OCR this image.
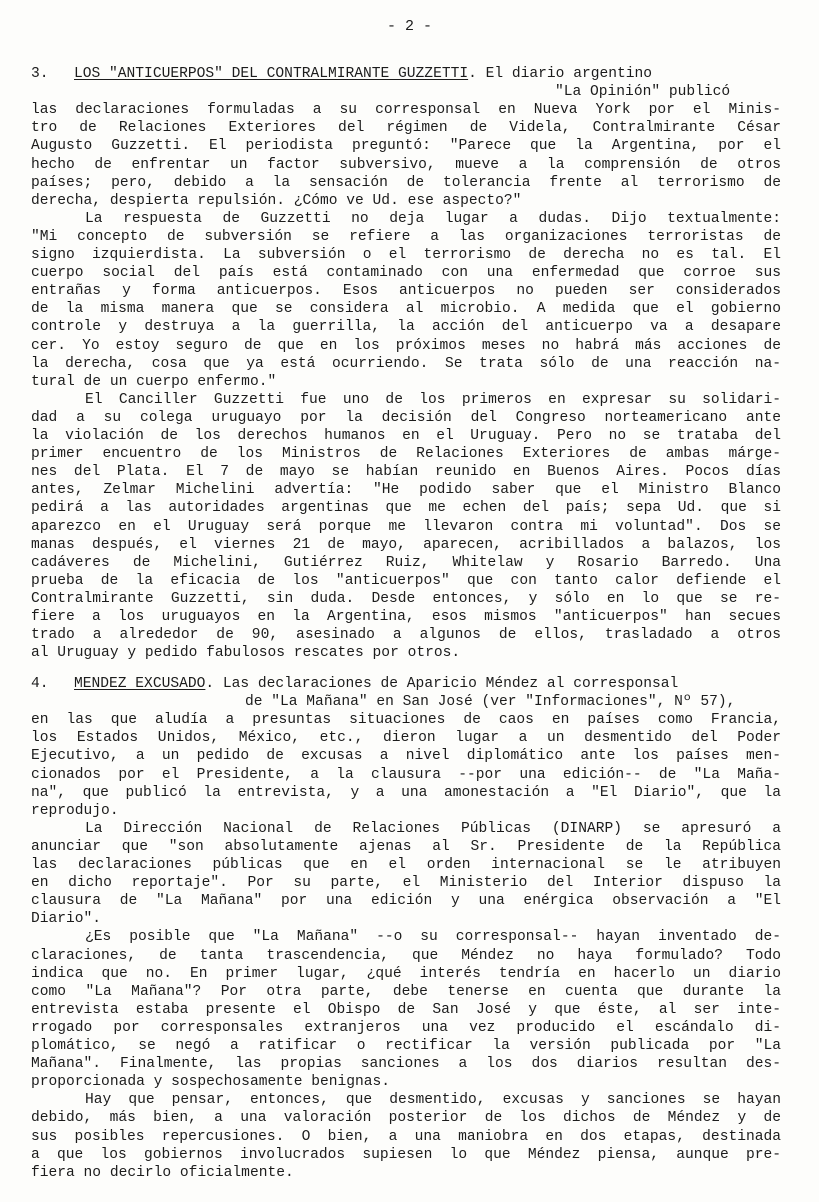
- 2 -
3. LOS "ANTICUERPOS" DEL CONTRALMIRANTE GUZZETTI. El diario argentino
"La Opinión" publicó
las declaraciones formuladas a su corresponsal en Nueva York por el Minis-
tro de Relaciones Exteriores del régimen de Videla, Contralmirante César
Augusto Guzzetti. El periodista preguntó: "Parece que la Argentina, por el
hecho de enfrentar un factor subversivo, mueve a la comprensión de otros
países; pero, debido a la sensación de tolerancia frente al terrorismo de
derecha, despierta repulsión. ¿Cómo ve Ud. ese aspecto?"
La respuesta de Guzzetti no deja lugar a dudas. Dijo textualmente:
"Mi concepto de subversión se refiere a las organizaciones terroristas de
signo izquierdista. La subversión o el terrorismo de derecha no es tal. El
cuerpo social del país está contaminado con una enfermedad que corroe sus
entrañas y forma anticuerpos. Esos anticuerpos no pueden ser considerados
de la misma manera que se considera al microbio. A medida que el gobierno
controle y destruya a la guerrilla, la acción del anticuerpo va a desapare
cer. Yo estoy seguro de que en los próximos meses no habrá más acciones de
la derecha, cosa que ya está ocurriendo. Se trata sólo de una reacción na-
tural de un cuerpo enfermo."
El Canciller Guzzetti fue uno de los primeros en expresar su solidari-
dad a su colega uruguayo por la decisión del Congreso norteamericano ante
la violación de los derechos humanos en el Uruguay. Pero no se trataba del
primer encuentro de los Ministros de Relaciones Exteriores de ambas márge-
nes del Plata. El 7 de mayo se habían reunido en Buenos Aires. Pocos días
antes, Zelmar Michelini advertía: "He podido saber que el Ministro Blanco
pedirá a las autoridades argentinas que me echen del país; sepa Ud. que si
aparezco en el Uruguay será porque me llevaron contra mi voluntad". Dos se
manas después, el viernes 21 de mayo, aparecen, acribillados a balazos, los
cadáveres de Michelini, Gutiérrez Ruiz, Whitelaw y Rosario Barredo. Una
prueba de la eficacia de los "anticuerpos" que con tanto calor defiende el
Contralmirante Guzzetti, sin duda. Desde entonces, y sólo en lo que se re-
fiere a los uruguayos en la Argentina, esos mismos "anticuerpos" han secues
trado a alrededor de 90, asesinado a algunos de ellos, trasladado a otros
al Uruguay y pedido fabulosos rescates por otros.
4. MENDEZ EXCUSADO. Las declaraciones de Aparicio Méndez al corresponsal
de "La Mañana" en San José (ver "Informaciones", Nº 57),
en las que aludía a presuntas situaciones de caos en países como Francia,
los Estados Unidos, México, etc., dieron lugar a un desmentido del Poder
Ejecutivo, a un pedido de excusas a nivel diplomático ante los países men-
cionados por el Presidente, a la clausura --por una edición-- de "La Maña-
na", que publicó la entrevista, y a una amonestación a "El Diario", que la
reprodujo.
La Dirección Nacional de Relaciones Públicas (DINARP) se apresuró a
anunciar que "son absolutamente ajenas al Sr. Presidente de la República
las declaraciones públicas que en el orden internacional se le atribuyen
en dicho reportaje". Por su parte, el Ministerio del Interior dispuso la
clausura de "La Mañana" por una edición y una enérgica observación a "El
Diario".
¿Es posible que "La Mañana" --o su corresponsal-- hayan inventado de-
claraciones, de tanta trascendencia, que Méndez no haya formulado? Todo
indica que no. En primer lugar, ¿qué interés tendría en hacerlo un diario
como "La Mañana"? Por otra parte, debe tenerse en cuenta que durante la
entrevista estaba presente el Obispo de San José y que éste, al ser inte-
rrogado por corresponsales extranjeros una vez producido el escándalo di-
plomático, se negó a ratificar o rectificar la versión publicada por "La
Mañana". Finalmente, las propias sanciones a los dos diarios resultan des-
proporcionada y sospechosamente benignas.
Hay que pensar, entonces, que desmentido, excusas y sanciones se hayan
debido, más bien, a una valoración posterior de los dichos de Méndez y de
sus posibles repercusiones. O bien, a una maniobra en dos etapas, destinada
a que los gobiernos involucrados supiesen lo que Méndez piensa, aunque pre-
fiera no decirlo oficialmente.
